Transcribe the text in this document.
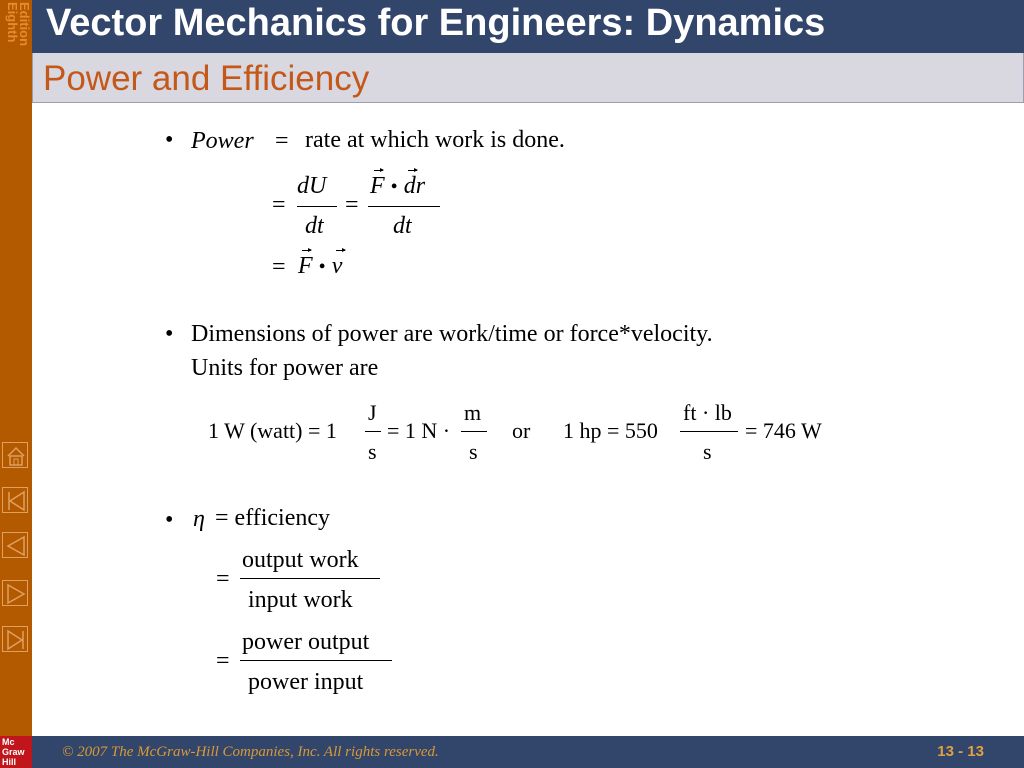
Eighth
Edition
Mc
Graw
Hill
Vector Mechanics for Engineers: Dynamics
Power and Efficiency
• Power = rate at which work is done.
=
dU
dt
=
F • dr
dt
= F • v
• Dimensions of power are work/time or force*velocity.
Units for power are
1 W (watt) = 1
J
s
= 1 N ·
m
s
or 1 hp = 550
ft · lb
s
= 746 W
• η = efficiency
=
output work
input work
=
power output
power input
© 2007 The McGraw-Hill Companies, Inc. All rights reserved.	13 - 13
